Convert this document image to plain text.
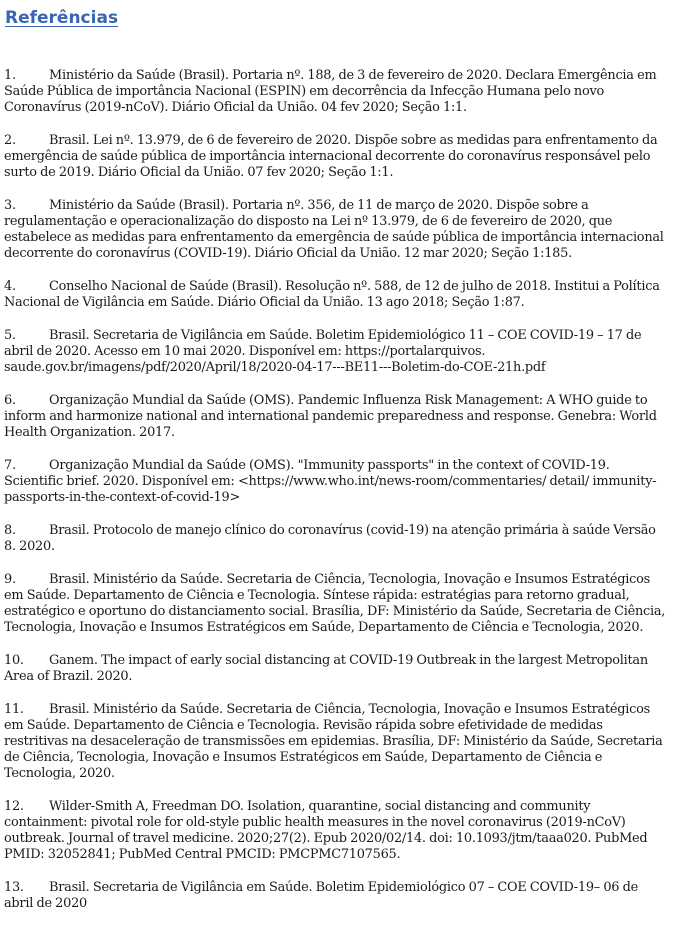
Referências

1.	Ministério da Saúde (Brasil). Portaria nº. 188, de 3 de fevereiro de 2020. Declara Emergência em Saúde Pública de importância Nacional (ESPIN) em decorrência da Infecção Humana pelo novo Coronavírus (2019-nCoV). Diário Oficial da União. 04 fev 2020; Seção 1:1.

2.	Brasil. Lei nº. 13.979, de 6 de fevereiro de 2020. Dispõe sobre as medidas para enfrentamento da emergência de saúde pública de importância internacional decorrente do coronavírus responsável pelo surto de 2019. Diário Oficial da União. 07 fev 2020; Seção 1:1.

3.	Ministério da Saúde (Brasil). Portaria nº. 356, de 11 de março de 2020. Dispõe sobre a regulamentação e operacionalização do disposto na Lei nº 13.979, de 6 de fevereiro de 2020, que estabelece as medidas para enfrentamento da emergência de saúde pública de importância internacional decorrente do coronavírus (COVID-19). Diário Oficial da União. 12 mar 2020; Seção 1:185.

4.	Conselho Nacional de Saúde (Brasil). Resolução nº. 588, de 12 de julho de 2018. Institui a Política Nacional de Vigilância em Saúde. Diário Oficial da União. 13 ago 2018; Seção 1:87.

5.	Brasil. Secretaria de Vigilância em Saúde. Boletim Epidemiológico 11 – COE COVID-19 – 17 de abril de 2020. Acesso em 10 mai 2020. Disponível em: https://portalarquivos. saude.gov.br/imagens/pdf/2020/April/18/2020-04-17---BE11---Boletim-do-COE-21h.pdf

6.	Organização Mundial da Saúde (OMS). Pandemic Influenza Risk Management: A WHO guide to inform and harmonize national and international pandemic preparedness and response. Genebra: World Health Organization. 2017.

7.	Organização Mundial da Saúde (OMS). "Immunity passports" in the context of COVID-19. Scientific brief. 2020. Disponível em: <https://www.who.int/news-room/commentaries/ detail/ immunity-passports-in-the-context-of-covid-19>

8.	Brasil. Protocolo de manejo clínico do coronavírus (covid-19) na atenção primária à saúde Versão 8. 2020.

9.	Brasil. Ministério da Saúde. Secretaria de Ciência, Tecnologia, Inovação e Insumos Estratégicos em Saúde. Departamento de Ciência e Tecnologia. Síntese rápida: estratégias para retorno gradual, estratégico e oportuno do distanciamento social. Brasília, DF: Ministério da Saúde, Secretaria de Ciência, Tecnologia, Inovação e Insumos Estratégicos em Saúde, Departamento de Ciência e Tecnologia, 2020.

10. Ganem. The impact of early social distancing at COVID-19 Outbreak in the largest Metropolitan Area of Brazil. 2020.

11. Brasil. Ministério da Saúde. Secretaria de Ciência, Tecnologia, Inovação e Insumos Estratégicos em Saúde. Departamento de Ciência e Tecnologia. Revisão rápida sobre efetividade de medidas restritivas na desaceleração de transmissões em epidemias. Brasília, DF: Ministério da Saúde, Secretaria de Ciência, Tecnologia, Inovação e Insumos Estratégicos em Saúde, Departamento de Ciência e Tecnologia, 2020.

12. Wilder-Smith A, Freedman DO. Isolation, quarantine, social distancing and community containment: pivotal role for old-style public health measures in the novel coronavirus (2019-nCoV) outbreak. Journal of travel medicine. 2020;27(2). Epub 2020/02/14. doi: 10.1093/jtm/taaa020. PubMed PMID: 32052841; PubMed Central PMCID: PMCPMC7107565.

13. Brasil. Secretaria de Vigilância em Saúde. Boletim Epidemiológico 07 – COE COVID-19– 06 de abril de 2020
